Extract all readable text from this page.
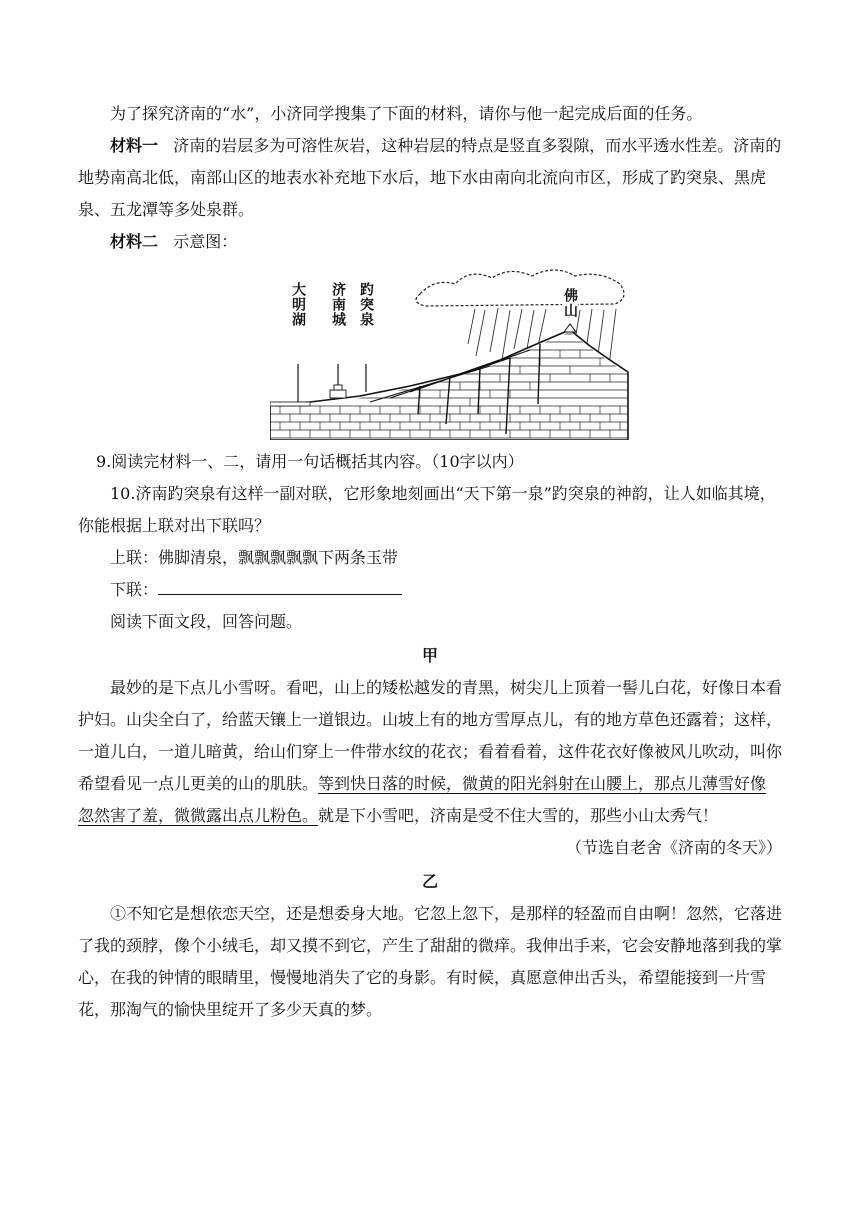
为了探究济南的“水”，小济同学搜集了下面的材料，请你与他一起完成后面的任务。

材料一 济南的岩层多为可溶性灰岩，这种岩层的特点是竖直多裂隙，而水平透水性差。济南的地势南高北低，南部山区的地表水补充地下水后，地下水由南向北流向市区，形成了趵突泉、黑虎泉、五龙潭等多处泉群。

材料二 示意图：

大明湖 济南城 趵突泉	佛山

9.阅读完材料一、二，请用一句话概括其内容。（10字以内）

10.济南趵突泉有这样一副对联，它形象地刻画出“天下第一泉”趵突泉的神韵，让人如临其境，你能根据上联对出下联吗？

上联：佛脚清泉，飘飘飘飘飘下两条玉带

下联：

阅读下面文段，回答问题。

甲

最妙的是下点儿小雪呀。看吧，山上的矮松越发的青黑，树尖儿上顶着一髻儿白花，好像日本看护妇。山尖全白了，给蓝天镶上一道银边。山坡上有的地方雪厚点儿，有的地方草色还露着；这样，一道儿白，一道儿暗黄，给山们穿上一件带水纹的花衣；看着看着，这件花衣好像被风儿吹动，叫你希望看见一点儿更美的山的肌肤。等到快日落的时候，微黄的阳光斜射在山腰上，那点儿薄雪好像忽然害了羞，微微露出点儿粉色。就是下小雪吧，济南是受不住大雪的，那些小山太秀气！

（节选自老舍《济南的冬天》）

乙

①不知它是想依恋天空，还是想委身大地。它忽上忽下，是那样的轻盈而自由啊！忽然，它落进了我的颈脖，像个小绒毛，却又摸不到它，产生了甜甜的微痒。我伸出手来，它会安静地落到我的掌心，在我的钟情的眼睛里，慢慢地消失了它的身影。有时候，真愿意伸出舌头，希望能接到一片雪花，那淘气的愉快里绽开了多少天真的梦。
